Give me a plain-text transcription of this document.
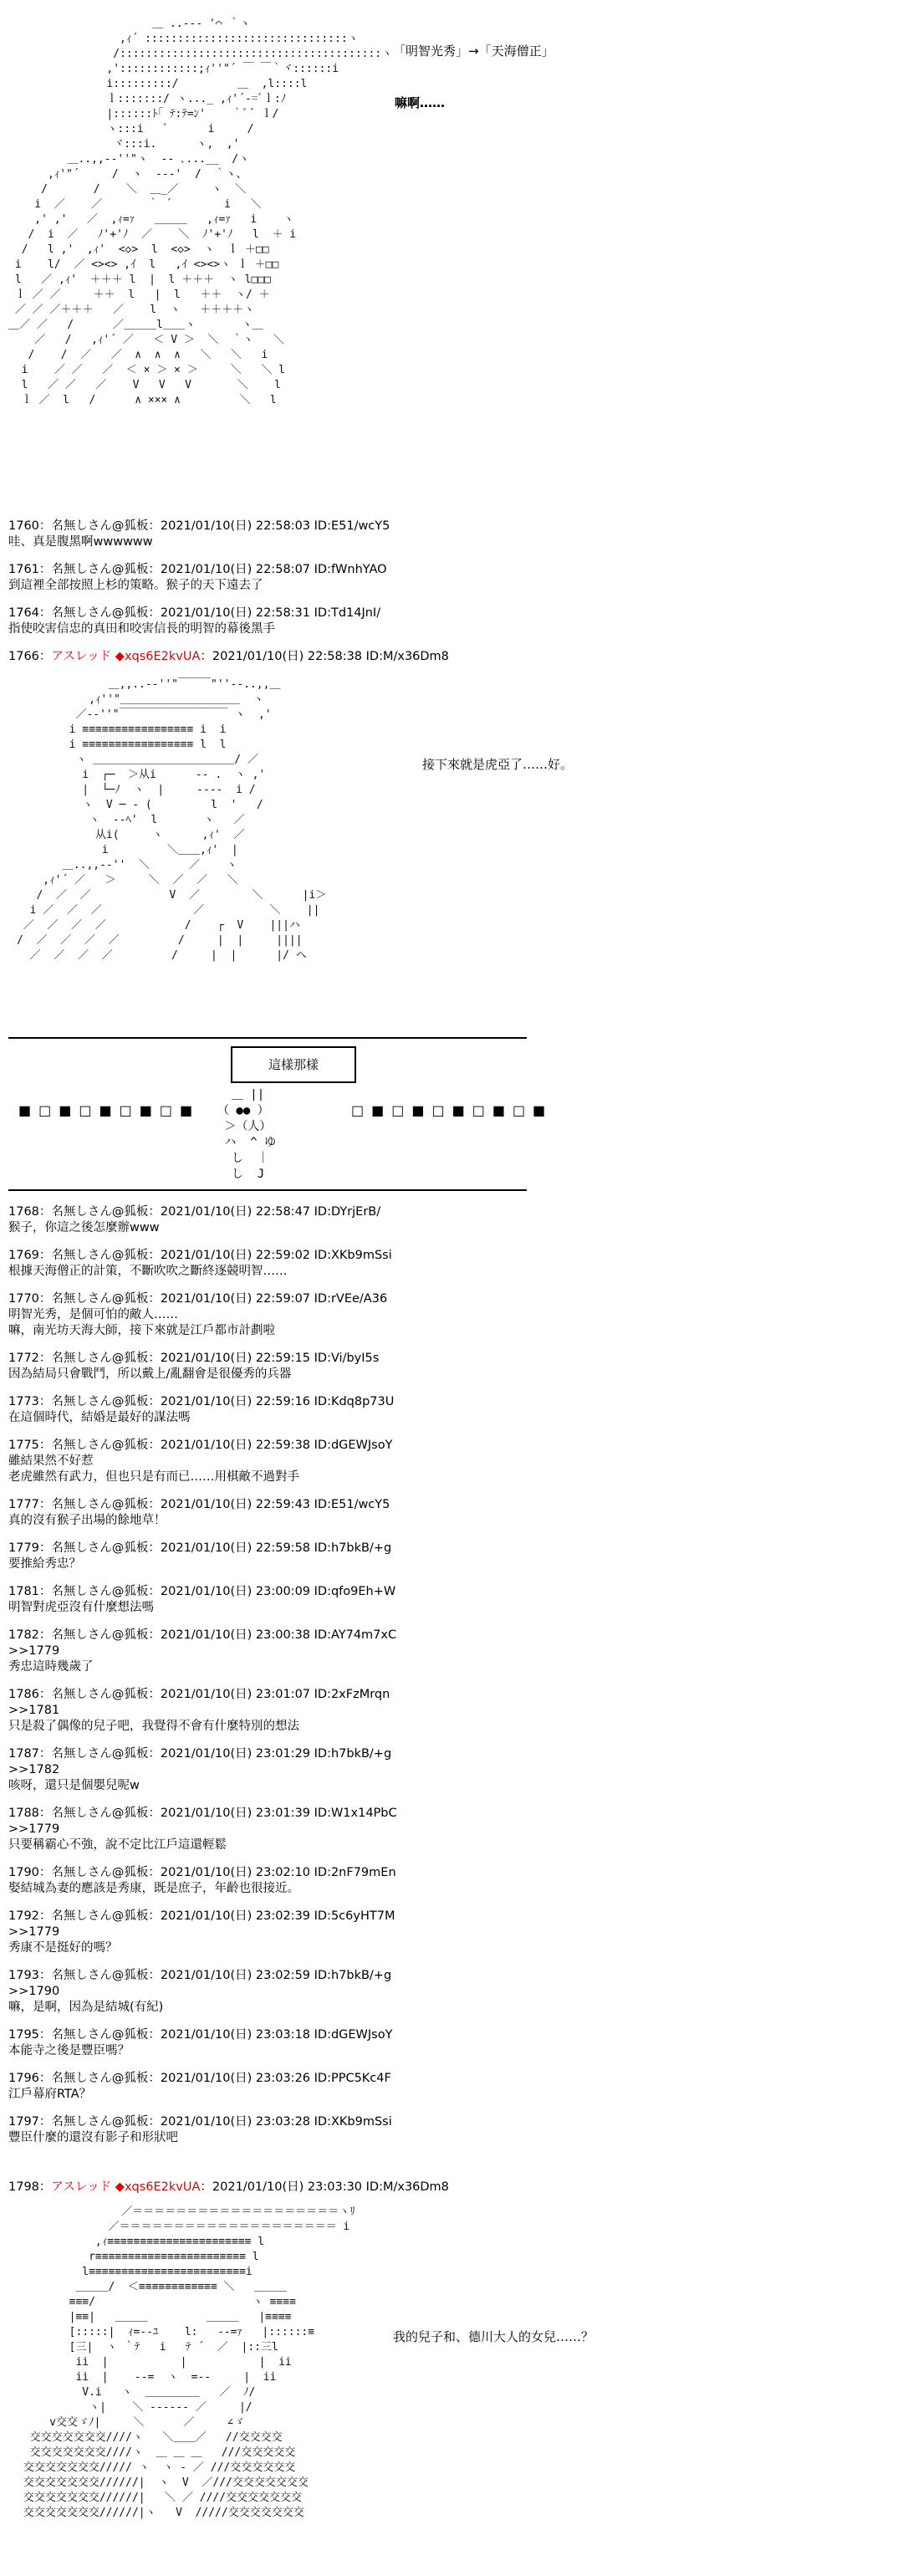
＿ ..-‐‐ '⌒ ｀ヽ
,ｨ´ :::::::::::::::::::::::::::::::ヽ
/::::::::::::::::::::::::::::::::::::::::ヽ
,'::::::::::::;ｨ''"´ ￣ ￣｀ヾ::::::i
i:::::::::/         ＿  ,l::::l
ｌ:::::::/ ヽ..._ ,ｨ'´-=ﾞｌ:ﾉ
|::::::ﾄ｢ ﾃ:ﾃ=ﾝ'    ｀ﾟ´ ｌ/
ヽ:::i   ﾟ      i     /
ヾ:::i.      ヽ,  ,'
＿..,,-‐''"ヽ  ‐- ､...__  /ヽ
,ｨ'"´     /  ヽ  ‐-‐'  /  ｀ヽ、
/       /    ＼  ＿_／     ヽ  ＼
i  ／    ／       ｀ ´        i   ＼
,' ,'   ／  ,ｨ=ｧ   ＿＿＿   ,ｨ=ｧ   i    ヽ
/  i  ／   ﾉ'+'ﾉ  ／    ＼  ﾉ'+'ﾉ   l  ＋ i
/   l ,'  ,ｨ'  <◇>  l  <◇>  ヽ  ｌ ＋□□
i    l/  ／ <><> ,ｲ  l   ,ｲ <><>ヽ ｌ ＋□□
l   ／ ,ｨ'  ＋＋＋ l  |  l ＋＋＋  ヽ l□□□
ｌ ／ ／     ＋＋  l   |  l   ＋＋  ヽ/ ＋
／ ／ ／＋＋＋   ／    l  ヽ   ＋＋＋＋ヽ
＿／ ／   /      ／＿＿＿l＿＿ヽ       ヽ＿
／   /   ,ｨ'´ ／   ＜ V ＞  ＼  ｀ヽ   ＼
/    /  ／   ／  ∧  ∧  ∧   ＼   ＼   i
i    ／ ／   ／  ＜ × ＞ × ＞     ＼   ＼ l
l   ／ ／   ／    V   V   V       ＼    l
ｌ ／  l   /      ∧ ××× ∧         ＼   l

「明智光秀」→「天海僧正」
嘛啊……
1760：名無しさん@狐板：2021/01/10(日) 22:58:03 ID:E51/wcY5
哇、真是腹黑啊wwwwww
1761：名無しさん@狐板：2021/01/10(日) 22:58:07 ID:fWnhYAO
到這裡全部按照上杉的策略。猴子的天下遠去了
1764：名無しさん@狐板：2021/01/10(日) 22:58:31 ID:Td14JnI/
指使咬害信忠的真田和咬害信長的明智的幕後黑手
1766：アスレッド ◆xqs6E2kvUA：2021/01/10(日) 22:58:38 ID:M/x36Dm8
＿,,..-‐''"￣￣￣"''‐-..,,＿
,ｨ''"＿＿＿＿＿＿＿＿＿＿＿  ヽ
／-‐''"￣￣￣￣￣￣￣￣￣￣ ヽ  ,'
i ≡≡≡≡≡≡≡≡≡≡≡≡≡≡≡≡≡ i  i
i ≡≡≡≡≡≡≡≡≡≡≡≡≡≡≡≡≡ l  l
ヽ ＿＿＿＿＿＿＿＿＿＿＿＿＿/ ／
i  ┌─  ＞从i      -‐ .  ヽ ,'
|  └─ﾉ  ヽ  |     ‐--‐  i /
ヽ  V ─ ‐ (         l  '   /
ヽ  ‐-ﾍ'  l       ヽ   ／
从i(     ヽ      ,ｨ'  ／
i         ＼＿＿,ｨ'  |
＿..,,-‐''  ＼      ／    ヽ
,ｨ'´ ／   ＞     ＼  ／  ／   ＼
/  ／  ／            V  ／        ＼      |i＞
i ／  ／  ／              ／          ＼    ||
／  ／  ／  ／            /    ┌  V    |||ハ
/  ／  ／  ／  ／         /     |  |     ||||
／  ／  ／  ／         /     |  |      |/ ヘ

接下來就是虎亞了……好。
這樣那樣
■□■□■□■□■	□■□■□■□■□■
＿ ||
（ ●● ）
＞（人）
ハ  ^ ゆ
し  ｜
し  J
1768：名無しさん@狐板：2021/01/10(日) 22:58:47 ID:DYrjErB/
猴子，你這之後怎麼辦www
1769：名無しさん@狐板：2021/01/10(日) 22:59:02 ID:XKb9mSsi
根據天海僧正的計策，不斷吹吹之斷終逐競明智……
1770：名無しさん@狐板：2021/01/10(日) 22:59:07 ID:rVEe/A36
明智光秀，是個可怕的敵人……
嘛，南光坊天海大師，接下來就是江戶都市計劃啦
1772：名無しさん@狐板：2021/01/10(日) 22:59:15 ID:Vi/byI5s
因為結局只會戰鬥，所以戴上/亂翻會是很優秀的兵器
1773：名無しさん@狐板：2021/01/10(日) 22:59:16 ID:Kdq8p73U
在這個時代，結婚是最好的謀法嗎
1775：名無しさん@狐板：2021/01/10(日) 22:59:38 ID:dGEWJsoY
雖結果然不好惹
老虎雖然有武力，但也只是有而已……用棋敵不過對手
1777：名無しさん@狐板：2021/01/10(日) 22:59:43 ID:E51/wcY5
真的沒有猴子出場的餘地草！
1779：名無しさん@狐板：2021/01/10(日) 22:59:58 ID:h7bkB/+g
要推給秀忠？
1781：名無しさん@狐板：2021/01/10(日) 23:00:09 ID:qfo9Eh+W
明智對虎亞沒有什麼想法嗎
1782：名無しさん@狐板：2021/01/10(日) 23:00:38 ID:AY74m7xC
>>1779
秀忠這時幾歲了
1786：名無しさん@狐板：2021/01/10(日) 23:01:07 ID:2xFzMrqn
>>1781
只是殺了偶像的兒子吧，我覺得不會有什麼特別的想法
1787：名無しさん@狐板：2021/01/10(日) 23:01:29 ID:h7bkB/+g
>>1782
咳呀，還只是個嬰兒呢w
1788：名無しさん@狐板：2021/01/10(日) 23:01:39 ID:W1x14PbC
>>1779
只要稱霸心不強，說不定比江戶這還輕鬆
1790：名無しさん@狐板：2021/01/10(日) 23:02:10 ID:2nF79mEn
娶結城為妻的應該是秀康，既是庶子，年齡也很接近。
1792：名無しさん@狐板：2021/01/10(日) 23:02:39 ID:5c6yHT7M
>>1779
秀康不是挺好的嗎？
1793：名無しさん@狐板：2021/01/10(日) 23:02:59 ID:h7bkB/+g
>>1790
嘛，是啊，因為是結城(有紀)
1795：名無しさん@狐板：2021/01/10(日) 23:03:18 ID:dGEWJsoY
本能寺之後是豐臣嗎？
1796：名無しさん@狐板：2021/01/10(日) 23:03:26 ID:PPC5Kc4F
江戶幕府RTA？
1797：名無しさん@狐板：2021/01/10(日) 23:03:28 ID:XKb9mSsi
豐臣什麼的還沒有影子和形狀吧
1798：アスレッド ◆xqs6E2kvUA：2021/01/10(日) 23:03:30 ID:M/x36Dm8
／＝＝＝＝＝＝＝＝＝＝＝＝＝＝＝＝＝＝＝ヽﾘ
／＝＝＝＝＝＝＝＝＝＝＝＝＝＝＝＝＝＝＝＝ i
,ｨ≡≡≡≡≡≡≡≡≡≡≡≡≡≡≡≡≡≡≡≡≡≡ l
r≡≡≡≡≡≡≡≡≡≡≡≡≡≡≡≡≡≡≡≡≡≡≡ l
l≡≡≡≡≡≡≡≡≡≡≡≡≡≡≡≡≡≡≡≡≡≡≡≡i
＿＿＿/  ＜≡≡≡≡≡≡≡≡≡≡≡≡ ＼   ＿＿＿
≡≡≡/                        ヽ ≡≡≡≡
|≡≡|   ＿＿＿         ＿＿＿   |≡≡≡≡
[:::::|  ｨ=‐-ﾕ    l:   ‐-=ｧ   |::::::≡
[三|  ヽ ｀ﾃ   i   ﾃ ´  ／  |::三l
ii  |           |           |  ii
ii  |    ‐‐=  ヽ  =‐‐     |  ii
V.i   ヽ  ＿＿＿＿＿   ／  ﾉ/
ヽ|    ＼ ‐----‐ ／     |/
v交交ゞﾉ|     ＼      ／     ∠ゞ
交交交交交交交////ヽ   ＼＿＿／   //交交交交
交交交交交交交////ヽ  ＿ ＿ ＿   ///交交交交交
交交交交交交交///// ヽ  ヽ ‐ ／ ///交交交交交交
交交交交交交交//////|  ヽ  V  ／///交交交交交交交
交交交交交交交//////|   ＼ ／ ////交交交交交交交
交交交交交交交//////|ヽ   V  /////交交交交交交交

我的兒子和、德川大人的女兒……？
